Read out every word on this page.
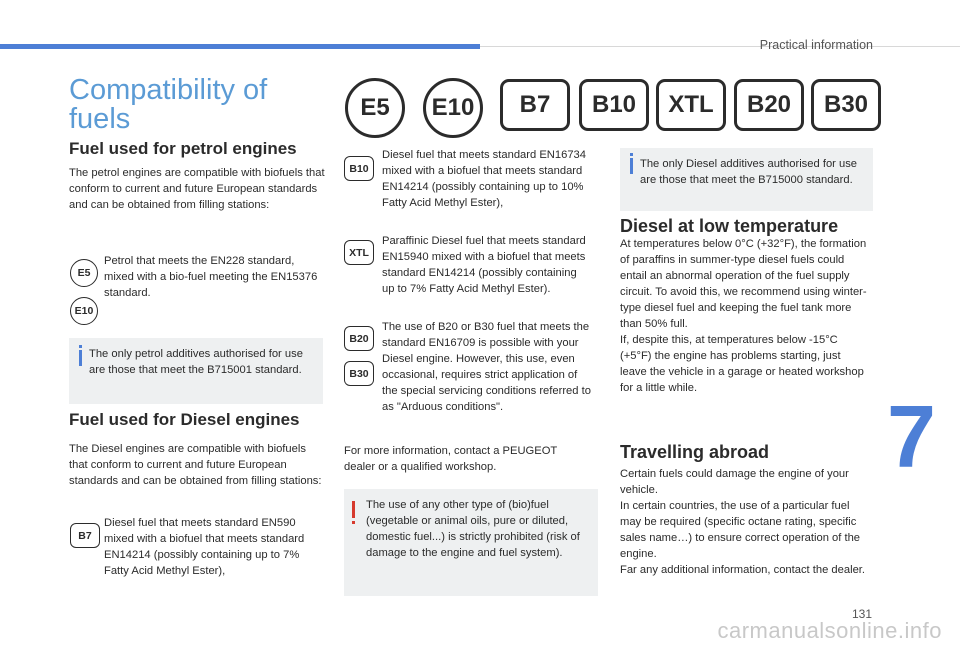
Practical information
Compatibility of
fuels	E5	E10	B7	B10	XTL	B20	B30
Fuel used for petrol engines
The petrol engines are compatible with biofuels that conform to current and future European standards and can be obtained from filling stations:
E5
E10
Petrol that meets the EN228 standard, mixed with a bio-fuel meeting the EN15376 standard.
The only petrol additives authorised for use are those that meet the B715001 standard.
Fuel used for Diesel engines
The Diesel engines are compatible with biofuels that conform to current and future European standards and can be obtained from filling stations:
B7
Diesel fuel that meets standard EN590 mixed with a biofuel that meets standard EN14214 (possibly containing up to 7% Fatty Acid Methyl Ester),
B10
Diesel fuel that meets standard EN16734 mixed with a biofuel that meets standard EN14214 (possibly containing up to 10% Fatty Acid Methyl Ester),
XTL
Paraffinic Diesel fuel that meets standard EN15940 mixed with a biofuel that meets standard EN14214 (possibly containing up to 7% Fatty Acid Methyl Ester).
B20
B30
The use of B20 or B30 fuel that meets the standard EN16709 is possible with your Diesel engine. However, this use, even occasional, requires strict application of the special servicing conditions referred to as "Arduous conditions".
For more information, contact a PEUGEOT dealer or a qualified workshop.
The use of any other type of (bio)fuel (vegetable or animal oils, pure or diluted, domestic fuel...) is strictly prohibited (risk of damage to the engine and fuel system).
The only Diesel additives authorised for use are those that meet the B715000 standard.
Diesel at low temperature
At temperatures below 0°C (+32°F), the formation of paraffins in summer-type diesel fuels could entail an abnormal operation of the fuel supply circuit. To avoid this, we recommend using winter-type diesel fuel and keeping the fuel tank more than 50% full.
If, despite this, at temperatures below -15°C (+5°F) the engine has problems starting, just leave the vehicle in a garage or heated workshop for a little while.
Travelling abroad
Certain fuels could damage the engine of your vehicle.
In certain countries, the use of a particular fuel may be required (specific octane rating, specific sales name…) to ensure correct operation of the engine.
Far any additional information, contact the dealer.
7
131
carmanualsonline.info
